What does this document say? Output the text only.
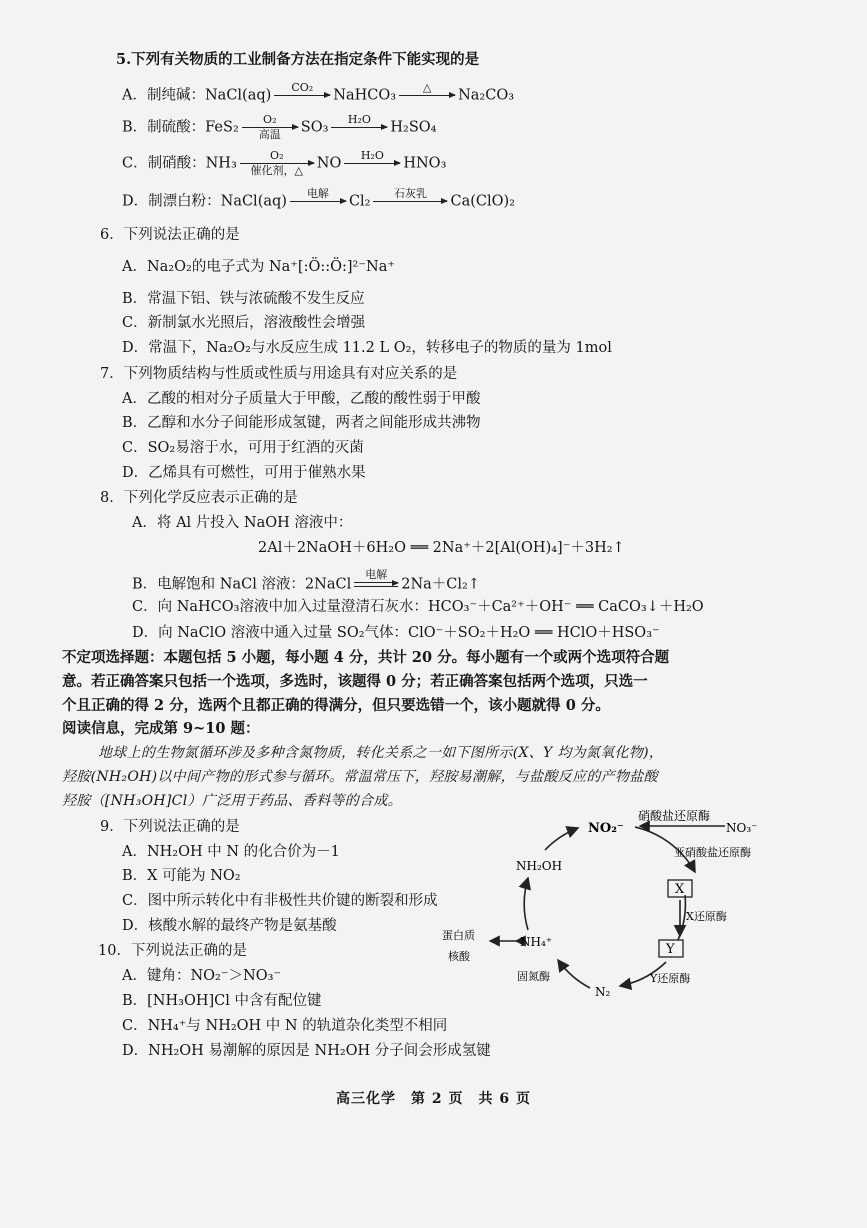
5.下列有关物质的工业制备方法在指定条件下能实现的是
A．制纯碱：NaCl(aq) CO₂ NaHCO₃ △ Na₂CO₃
B．制硫酸：FeS₂ O₂
高温 SO₃ H₂O H₂SO₄
C．制硝酸：NH₃	O₂
催化剂，△ NO H₂O HNO₃
D．制漂白粉：NaCl(aq) 电解 Cl₂ 石灰乳 Ca(ClO)₂
6．下列说法正确的是
A．Na₂O₂的电子式为 Na⁺[:Ö::Ö:]²⁻Na⁺
B．常温下铝、铁与浓硫酸不发生反应
C．新制氯水光照后，溶液酸性会增强
D．常温下，Na₂O₂与水反应生成 11.2 L O₂，转移电子的物质的量为 1mol
7．下列物质结构与性质或性质与用途具有对应关系的是
A．乙酸的相对分子质量大于甲酸，乙酸的酸性弱于甲酸
B．乙醇和水分子间能形成氢键，两者之间能形成共沸物
C．SO₂易溶于水，可用于红酒的灭菌
D．乙烯具有可燃性，可用于催熟水果
8．下列化学反应表示正确的是
A．将 Al 片投入 NaOH 溶液中：
2Al＋2NaOH＋6H₂O ══ 2Na⁺＋2[Al(OH)₄]⁻＋3H₂↑
B．电解饱和 NaCl 溶液：2NaCl
电解
2Na＋Cl₂↑
C．向 NaHCO₃溶液中加入过量澄清石灰水：HCO₃⁻＋Ca²⁺＋OH⁻ ══ CaCO₃↓＋H₂O
D．向 NaClO 溶液中通入过量 SO₂气体：ClO⁻＋SO₂＋H₂O ══ HClO＋HSO₃⁻
不定项选择题：本题包括 5 小题，每小题 4 分，共计 20 分。每小题有一个或两个选项符合题
意。若正确答案只包括一个选项，多选时，该题得 0 分；若正确答案包括两个选项，只选一
个且正确的得 2 分，选两个且都正确的得满分，但只要选错一个，该小题就得 0 分。
阅读信息，完成第 9~10 题：
地球上的生物氮循环涉及多种含氮物质，转化关系之一如下图所示(X、Y 均为氮氧化物)，
羟胺(NH₂OH)以中间产物的形式参与循环。常温常压下，羟胺易潮解，与盐酸反应的产物盐酸
羟胺（[NH₃OH]Cl）广泛用于药品、香料等的合成。
9．下列说法正确的是
A．NH₂OH 中 N 的化合价为－1
B．X 可能为 NO₂
C．图中所示转化中有非极性共价键的断裂和形成
D．核酸水解的最终产物是氨基酸
10．下列说法正确的是
A．键角：NO₂⁻＞NO₃⁻
B．[NH₃OH]Cl 中含有配位键
C．NH₄⁺与 NH₂OH 中 N 的轨道杂化类型不相同
D．NH₂OH 易潮解的原因是 NH₂OH 分子间会形成氢键
NO₂⁻	NO₃⁻
硝酸盐还原酶
亚硝酸盐还原酶
X
X还原酶
Y
Y还原酶
N₂
固氮酶
NH₄⁺
NH₂OH
蛋白质
核酸
高三化学　第 2 页　共 6 页
